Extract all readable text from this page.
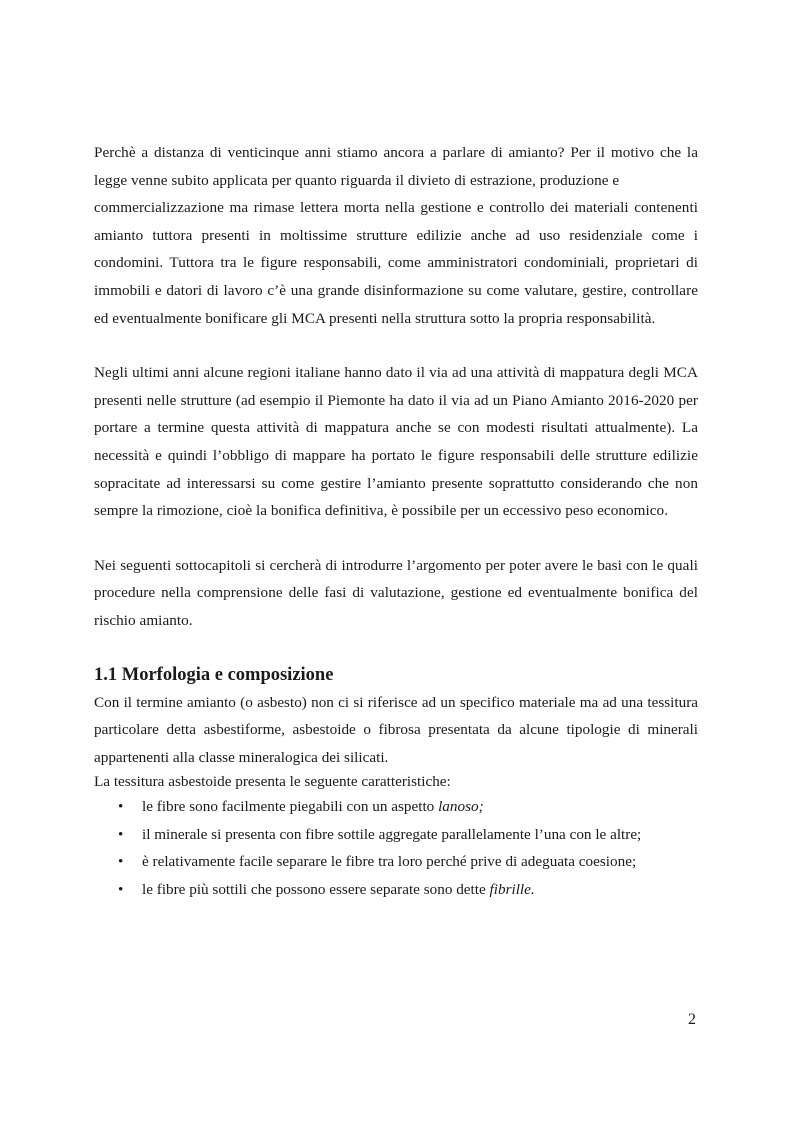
Perchè a distanza di venticinque anni stiamo ancora a parlare di amianto? Per il motivo che la legge venne subito applicata per quanto riguarda il divieto di estrazione, produzione e

commercializzazione ma rimase lettera morta nella gestione e controllo dei materiali contenenti amianto tuttora presenti in moltissime strutture edilizie anche ad uso residenziale come i condomini. Tuttora tra le figure responsabili, come amministratori condominiali, proprietari di immobili e datori di lavoro c’è una grande disinformazione su come valutare, gestire, controllare ed eventualmente bonificare gli MCA presenti nella struttura sotto la propria responsabilità.

Negli ultimi anni alcune regioni italiane hanno dato il via ad una attività di mappatura degli MCA presenti nelle strutture (ad esempio il Piemonte ha dato il via ad un Piano Amianto 2016-2020 per portare a termine questa attività di mappatura anche se con modesti risultati attualmente). La necessità e quindi l’obbligo di mappare ha portato le figure responsabili delle strutture edilizie sopracitate ad interessarsi su come gestire l’amianto presente soprattutto considerando che non sempre la rimozione, cioè la bonifica definitiva, è possibile per un eccessivo peso economico.

Nei seguenti sottocapitoli si cercherà di introdurre l’argomento per poter avere le basi con le quali procedure nella comprensione delle fasi di valutazione, gestione ed eventualmente bonifica del rischio amianto.

1.1 Morfologia e composizione

Con il termine amianto (o asbesto) non ci si riferisce ad un specifico materiale ma ad una tessitura particolare detta asbestiforme, asbestoide o fibrosa presentata da alcune tipologie di minerali appartenenti alla classe mineralogica dei silicati.

La tessitura asbestoide presenta le seguente caratteristiche:

• le fibre sono facilmente piegabili con un aspetto lanoso;
• il minerale si presenta con fibre sottile aggregate parallelamente l’una con le altre;
• è relativamente facile separare le fibre tra loro perché prive di adeguata coesione;
• le fibre più sottili che possono essere separate sono dette fibrille.
2
